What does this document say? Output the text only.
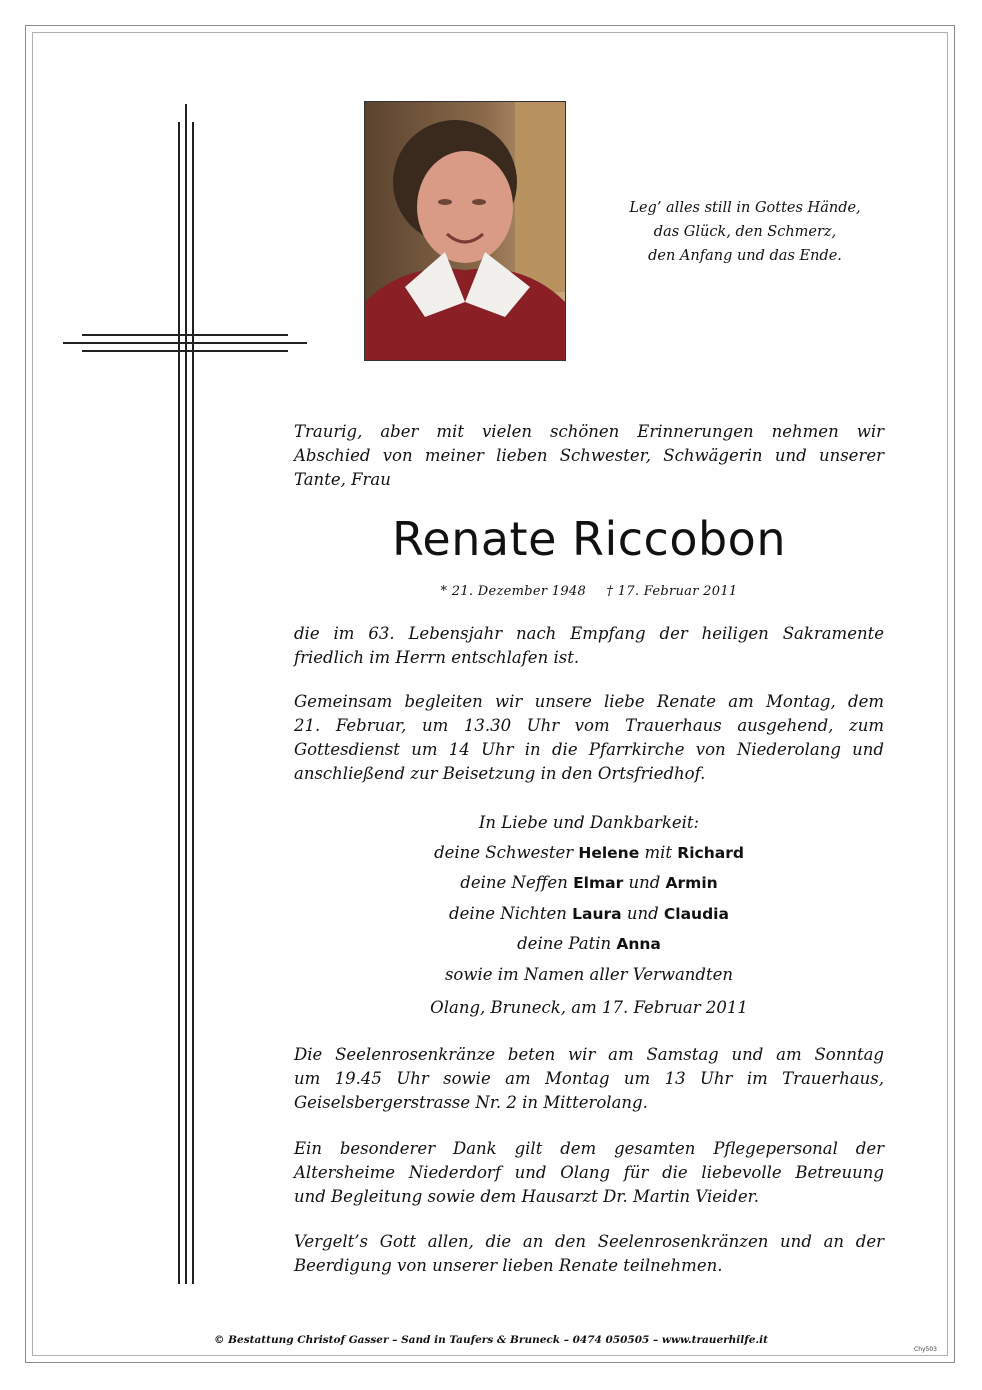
Leg’ alles still in Gottes Hände,
das Glück, den Schmerz,
den Anfang und das Ende.
Traurig, aber mit vielen schönen Erinnerungen nehmen wir
Abschied von meiner lieben Schwester, Schwägerin und unserer
Tante, Frau
Renate Riccobon
* 21. Dezember 1948 † 17. Februar 2011
die im 63. Lebensjahr nach Empfang der heiligen Sakramente
friedlich im Herrn entschlafen ist.
Gemeinsam begleiten wir unsere liebe Renate am Montag, dem
21. Februar, um 13.30 Uhr vom Trauerhaus ausgehend, zum
Gottesdienst um 14 Uhr in die Pfarrkirche von Niederolang und
anschließend zur Beisetzung in den Ortsfriedhof.
In Liebe und Dankbarkeit:
deine Schwester Helene mit Richard
deine Neffen Elmar und Armin
deine Nichten Laura und Claudia
deine Patin Anna
sowie im Namen aller Verwandten
Olang, Bruneck, am 17. Februar 2011
Die Seelenrosenkränze beten wir am Samstag und am Sonntag
um 19.45 Uhr sowie am Montag um 13 Uhr im Trauerhaus,
Geiselsbergerstrasse Nr. 2 in Mitterolang.
Ein besonderer Dank gilt dem gesamten Pflegepersonal der
Altersheime Niederdorf und Olang für die liebevolle Betreuung
und Begleitung sowie dem Hausarzt Dr. Martin Vieider.
Vergelt’s Gott allen, die an den Seelenrosenkränzen und an der
Beerdigung von unserer lieben Renate teilnehmen.
© Bestattung Christof Gasser – Sand in Taufers & Bruneck – 0474 050505 – www.trauerhilfe.it
Chy503
